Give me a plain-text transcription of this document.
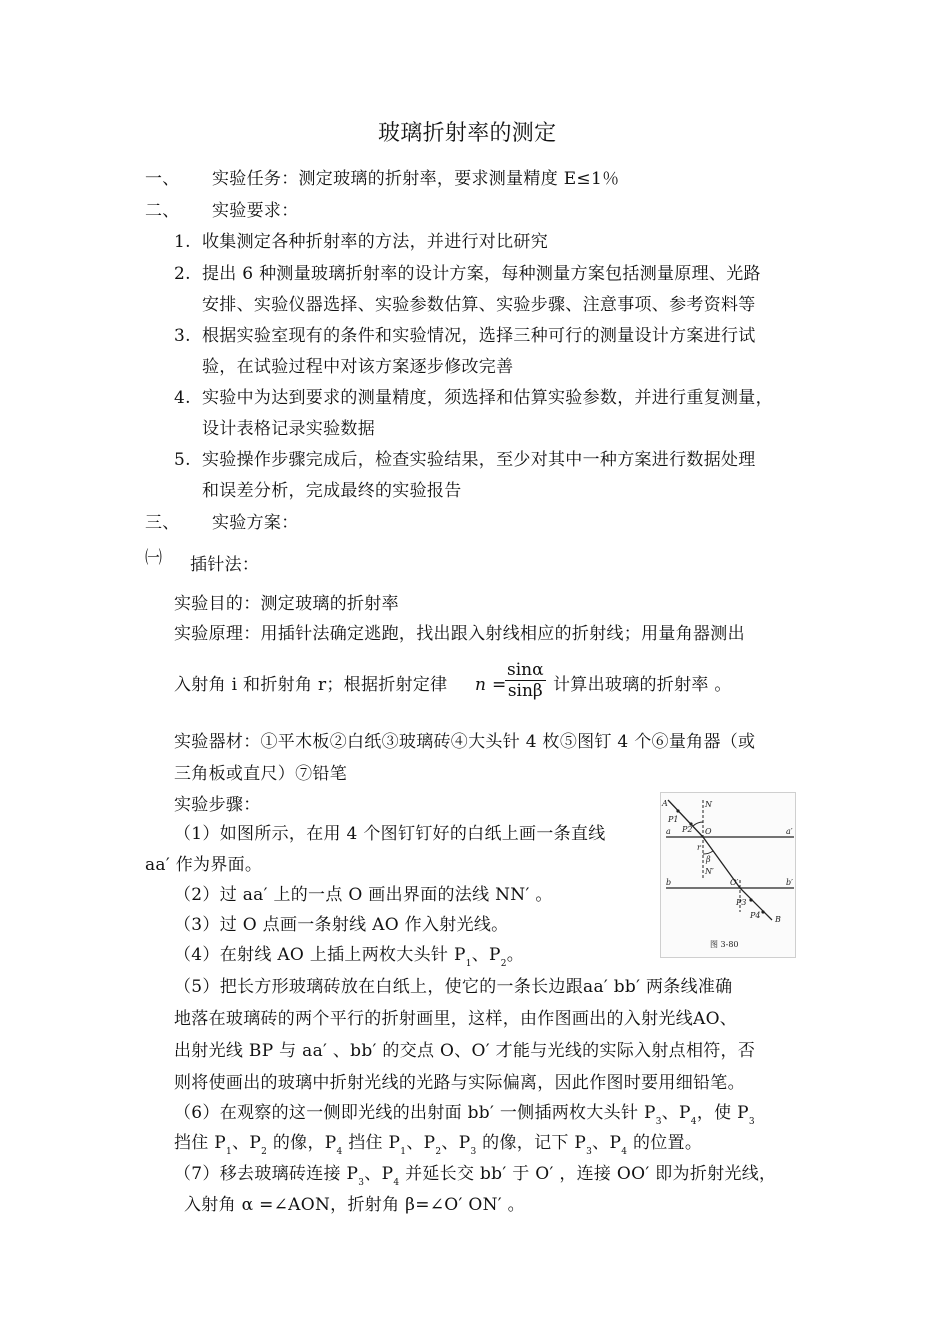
玻璃折射率的测定
一、 实验任务：测定玻璃的折射率，要求测量精度 E≤1％
二、 实验要求：
1. 收集测定各种折射率的方法，并进行对比研究
2. 提出 6 种测量玻璃折射率的设计方案，每种测量方案包括测量原理、光路
安排、实验仪器选择、实验参数估算、实验步骤、注意事项、参考资料等
3. 根据实验室现有的条件和实验情况，选择三种可行的测量设计方案进行试
验，在试验过程中对该方案逐步修改完善
4. 实验中为达到要求的测量精度，须选择和估算实验参数，并进行重复测量，
设计表格记录实验数据
5. 实验操作步骤完成后，检查实验结果，至少对其中一种方案进行数据处理
和误差分析，完成最终的实验报告
三、 实验方案：
㈠ 插针法：
实验目的：测定玻璃的折射率
实验原理：用插针法确定逃跑，找出跟入射线相应的折射线；用量角器测出
入射角 i 和折射角 r；根据折射定律 n =
$\frac{\sin\alpha}{\sin\beta}$ 计算出玻璃的折射率 。
实验器材：①平木板②白纸③玻璃砖④大头针 4 枚⑤图钉 4 个⑥量角器（或
三角板或直尺）⑦铅笔
实验步骤：
（1）如图所示，在用 4 个图钉钉好的白纸上画一条直线
aa′ 作为界面。
（2）过 aa′ 上的一点 O 画出界面的法线 NN′ 。
（3）过 O 点画一条射线 AO 作入射光线。
（4）在射线 AO 上插上两枚大头针 $P_1$、$P_2$。
（5）把长方形玻璃砖放在白纸上，使它的一条长边跟aa′ bb′ 两条线准确
地落在玻璃砖的两个平行的折射画里，这样，由作图画出的入射光线AO、
出射光线 BP 与 aa′ 、bb′ 的交点 O、O′ 才能与光线的实际入射点相符，否
则将使画出的玻璃中折射光线的光路与实际偏离，因此作图时要用细铅笔。
（6）在观察的这一侧即光线的出射面 bb′ 一侧插两枚大头针 $P_3$、$P_4$，使 $P_3$
挡住 $P_1$、$P_2$ 的像，$P_4$ 挡住 $P_1$、$P_2$、$P_3$ 的像，记下 $P_3$、$P_4$ 的位置。
（7）移去玻璃砖连接 $P_3$、$P_4$ 并延长交 bb′ 于 O′ ，连接 OO′ 即为折射光线，
入射角 α =∠AON，折射角 β=∠O′ ON′ 。
A	N
P1
P2 O
a	a′
r
β
N′
b	O′	b′
P3
P4 B
图 3-80
